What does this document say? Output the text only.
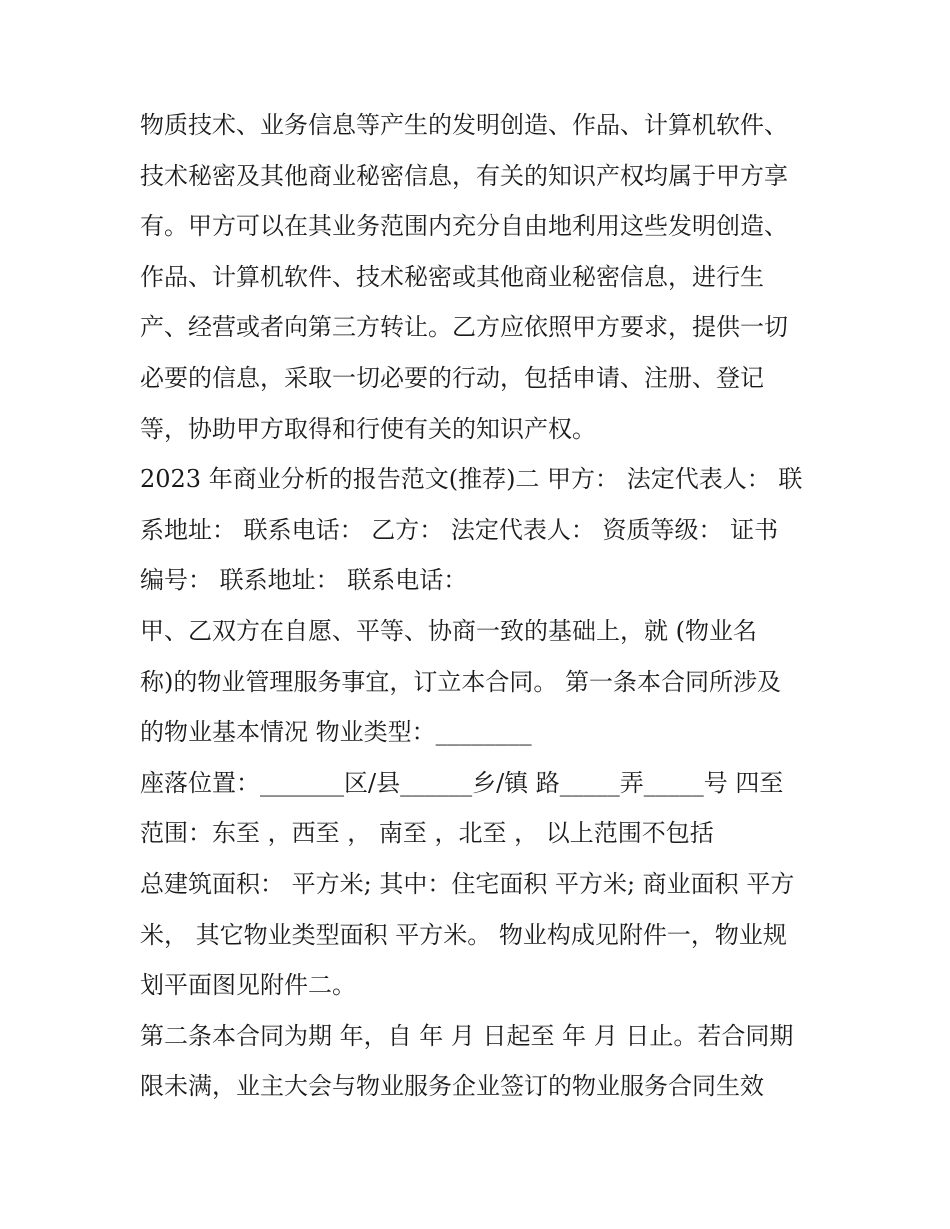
物质技术、业务信息等产生的发明创造、作品、计算机软件、
技术秘密及其他商业秘密信息，有关的知识产权均属于甲方享
有。甲方可以在其业务范围内充分自由地利用这些发明创造、
作品、计算机软件、技术秘密或其他商业秘密信息，进行生
产、经营或者向第三方转让。乙方应依照甲方要求，提供一切
必要的信息，采取一切必要的行动，包括申请、注册、登记
等，协助甲方取得和行使有关的知识产权。
2023 年商业分析的报告范文(推荐)二 甲方： 法定代表人： 联
系地址： 联系电话： 乙方： 法定代表人： 资质等级： 证书
编号： 联系地址： 联系电话：
甲、乙双方在自愿、平等、协商一致的基础上，就 (物业名
称)的物业管理服务事宜，订立本合同。 第一条本合同所涉及
的物业基本情况 物业类型：________
座落位置：_______区/县______乡/镇 路_____弄_____号 四至
范围：东至 ，西至 ， 南至 ，北至 ， 以上范围不包括
总建筑面积： 平方米; 其中：住宅面积 平方米; 商业面积 平方
米， 其它物业类型面积 平方米。 物业构成见附件一，物业规
划平面图见附件二。
第二条本合同为期 年，自 年 月 日起至 年 月 日止。若合同期
限未满，业主大会与物业服务企业签订的物业服务合同生效
